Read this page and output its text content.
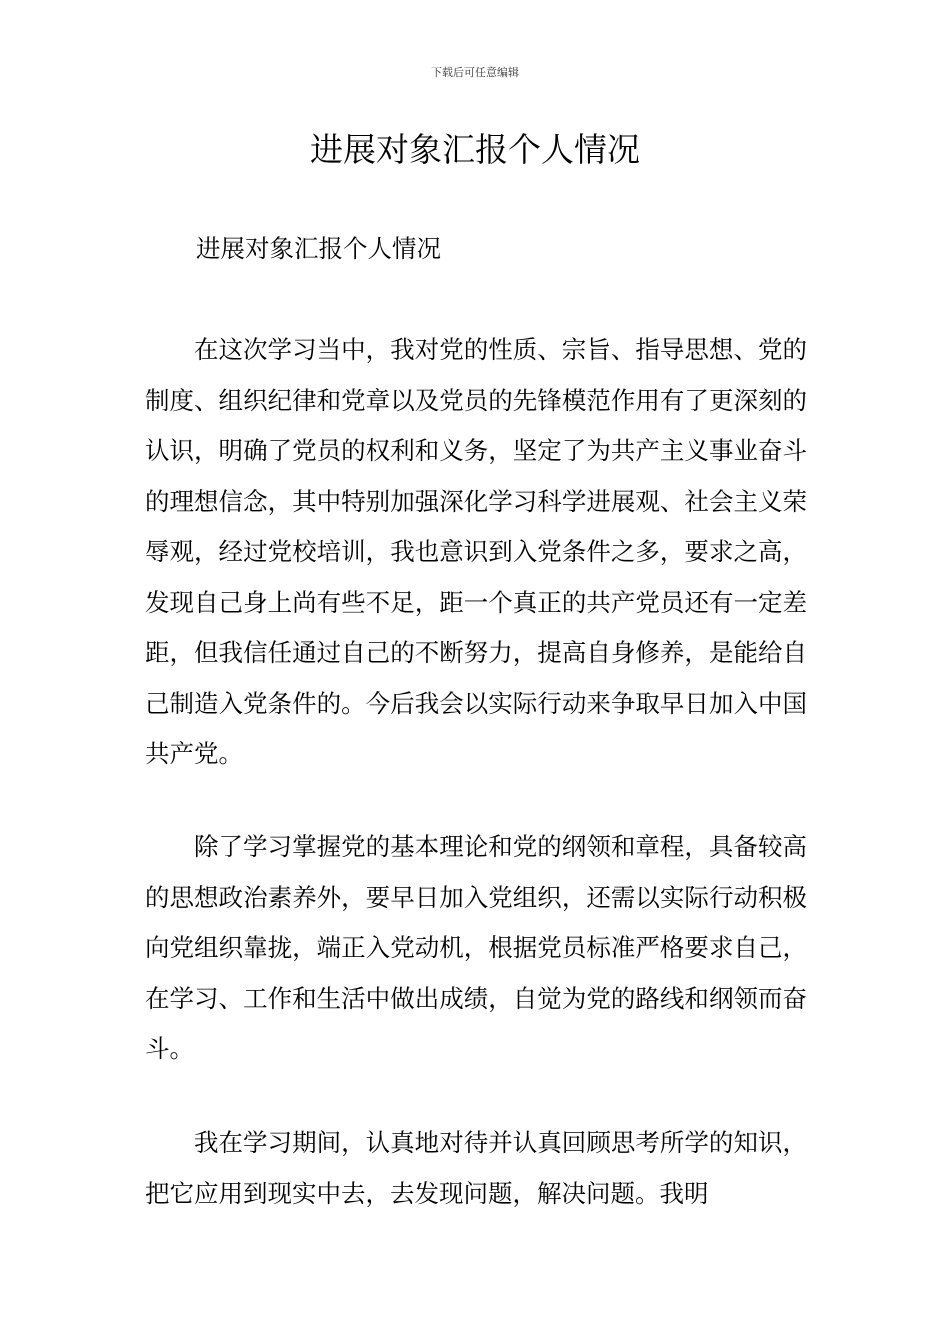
下载后可任意编辑
进展对象汇报个人情况
进展对象汇报个人情况

在这次学习当中，我对党的性质、宗旨、指导思想、党的制度、组织纪律和党章以及党员的先锋模范作用有了更深刻的认识，明确了党员的权利和义务，坚定了为共产主义事业奋斗的理想信念，其中特别加强深化学习科学进展观、社会主义荣辱观，经过党校培训，我也意识到入党条件之多，要求之高，发现自己身上尚有些不足，距一个真正的共产党员还有一定差距，但我信任通过自己的不断努力，提高自身修养，是能给自己制造入党条件的。今后我会以实际行动来争取早日加入中国共产党。

除了学习掌握党的基本理论和党的纲领和章程，具备较高的思想政治素养外，要早日加入党组织，还需以实际行动积极向党组织靠拢，端正入党动机，根据党员标准严格要求自己，在学习、工作和生活中做出成绩，自觉为党的路线和纲领而奋斗。

我在学习期间，认真地对待并认真回顾思考所学的知识，把它应用到现实中去，去发现问题，解决问题。我明
